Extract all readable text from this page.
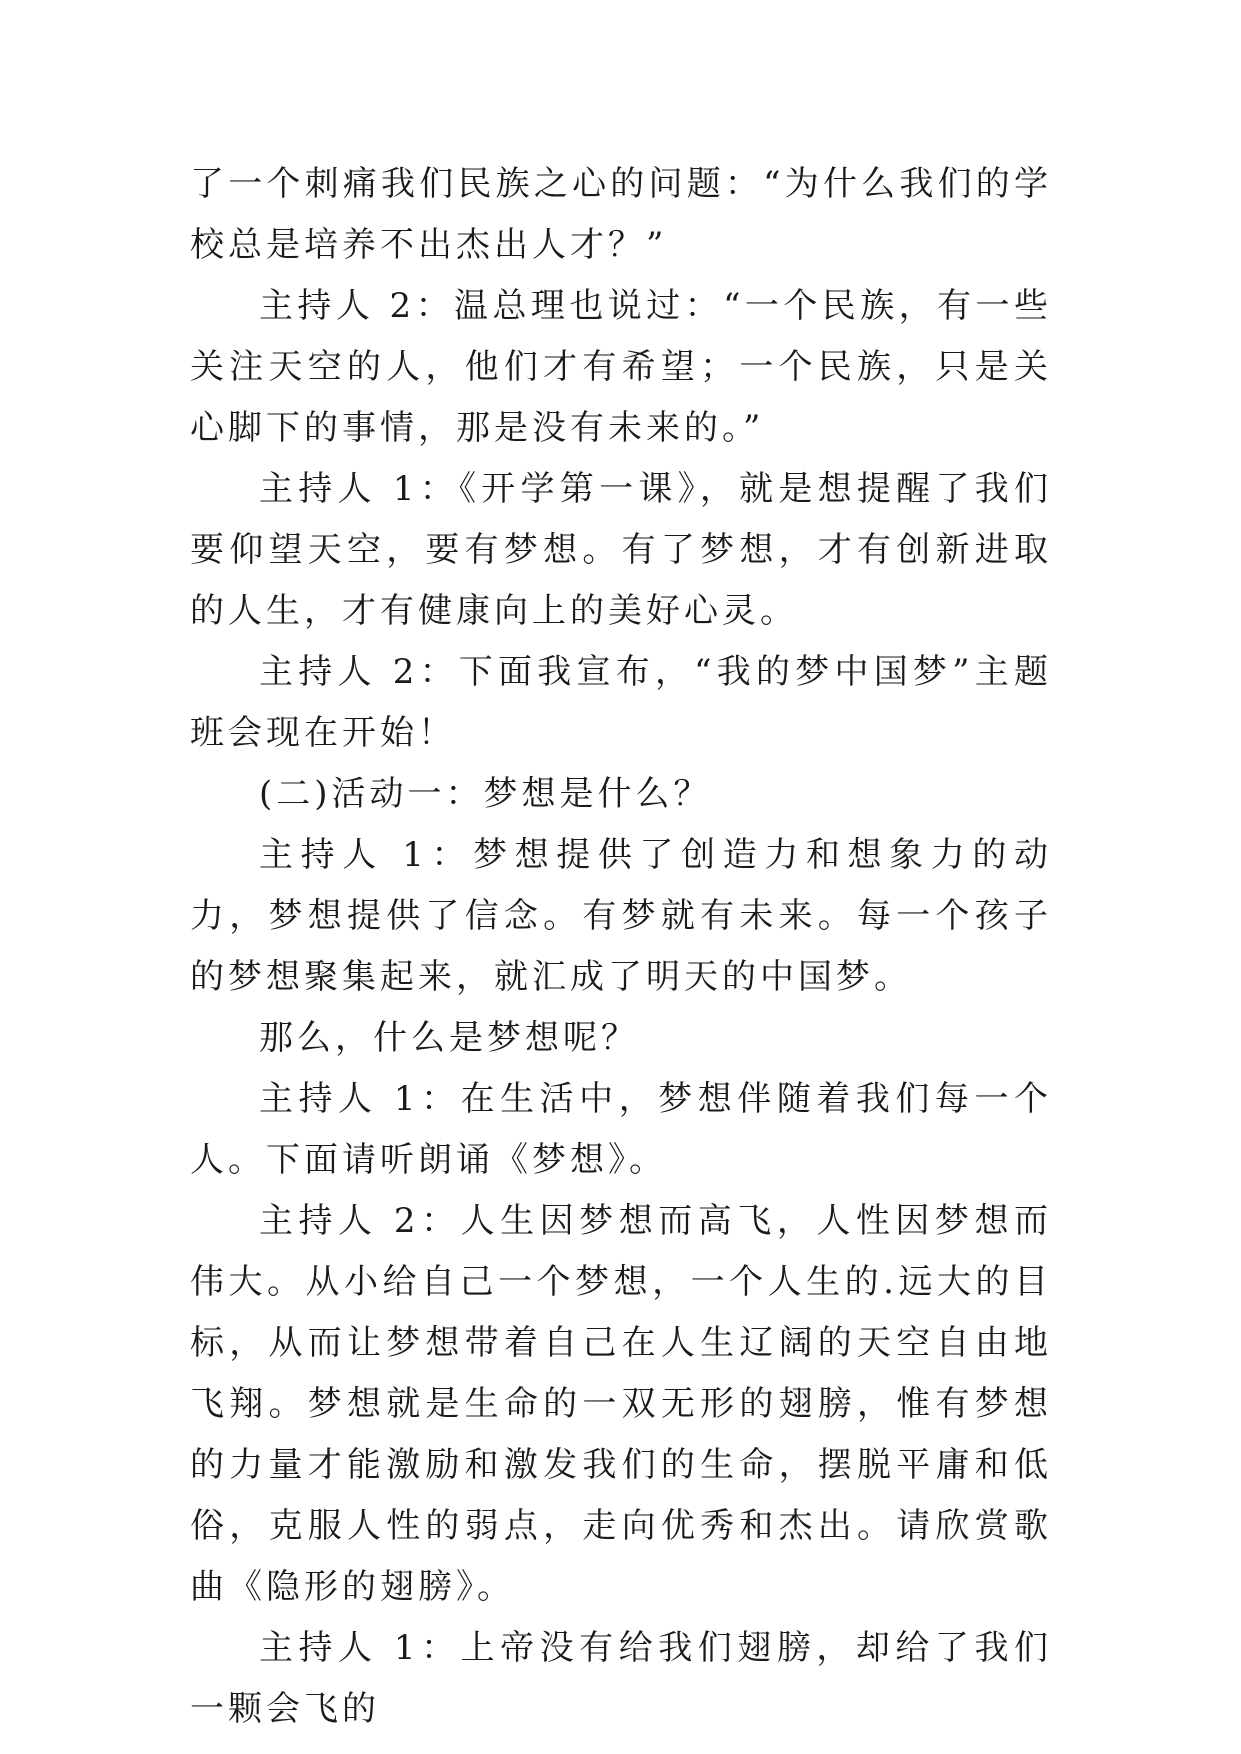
了一个刺痛我们民族之心的问题：“为什么我们的学校总是培养不出杰出人才？”

主持人 2：温总理也说过：“一个民族，有一些关注天空的人，他们才有希望；一个民族，只是关心脚下的事情，那是没有未来的。”

主持人 1：《开学第一课》，就是想提醒了我们要仰望天空，要有梦想。有了梦想，才有创新进取的人生，才有健康向上的美好心灵。

主持人 2：下面我宣布，“我的梦中国梦”主题班会现在开始！

(二)活动一：梦想是什么？

主持人 1：梦想提供了创造力和想象力的动力，梦想提供了信念。有梦就有未来。每一个孩子的梦想聚集起来，就汇成了明天的中国梦。

那么，什么是梦想呢？

主持人 1：在生活中，梦想伴随着我们每一个人。下面请听朗诵《梦想》。

主持人 2：人生因梦想而高飞，人性因梦想而伟大。从小给自己一个梦想，一个人生的.远大的目标，从而让梦想带着自己在人生辽阔的天空自由地飞翔。梦想就是生命的一双无形的翅膀，惟有梦想的力量才能激励和激发我们的生命，摆脱平庸和低俗，克服人性的弱点，走向优秀和杰出。请欣赏歌曲《隐形的翅膀》。

主持人 1：上帝没有给我们翅膀，却给了我们一颗会飞的
